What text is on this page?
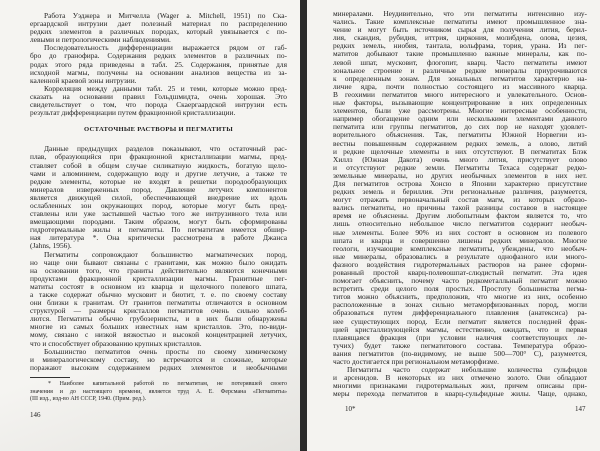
Работа Уэджера и Митчелла (Wager a. Mitchell, 1951) по Ска-
ергаардской интрузии дает полезный материал по распределению
редких элементов в различных породах, который увязывается с по-
левыми и петрологическими наблюдениями.
Последовательность дифференциации выражается рядом от габ-
бро до гранофира. Содержания редких элементов в различных по-
родах этого ряда приведены в табл. 25. Содержания, принятые для
исходной магмы, получены на основании анализов вещества из за-
каленной краевой зоны интрузии.
Корреляция между данными табл. 25 и теми, которые можно пред-
сказать на основании правил Гольдшмидта, очень хорошая. Это
свидетельствует о том, что порода Скаергаардской интрузии есть
результат дифференциации путем фракционной кристаллизации.
ОСТАТОЧНЫЕ РАСТВОРЫ И ПЕГМАТИТЫ
Данные предыдущих разделов показывают, что остаточный рас-
плав, образующийся при фракционной кристаллизации магмы, пред-
ставляет собой в общем случае силикатную жидкость, богатую щело-
чами и алюминием, содержащую воду и другие летучие, а также те
редкие элементы, которые не входят в решетки породообразующих
минералов изверженных пород. Давление летучих компонентов
является движущей силой, обеспечивающей внедрение их вдоль
ослабленных зон окружающих пород, которые могут быть пред-
ставлены или уже застывшей частью того же интрузивного тела или
вмещающими породами. Таким образом, могут быть сформированы
гидротермальные жилы и пегматиты. По пегматитам имеется обшир-
ная литература *. Она критически рассмотрена в работе Джанса
(Jahns, 1956).
Пегматиты сопровождают большинство магматических пород,
но чаще они бывают связаны с гранитами, как можно было ожидать
на основании того, что граниты действительно являются конечными
продуктами фракционной кристаллизации магмы. Гранитные пег-
матиты состоят в основном из кварца и щелочного полевого шпата,
а также содержат обычно мусковит и биотит, т. е. по своему составу
они близки к гранитам. От гранитов пегматиты отличаются в основном
структурой — размеры кристаллов пегматитов очень сильно колеб-
лются. Пегматиты обычно грубозернисты, и в них были обнаружены
многие из самых больших известных нам кристаллов. Это, по-види-
мому, связано с низкой вязкостью и высокой концентрацией летучих,
что и способствует образованию крупных кристаллов.
Большинство пегматитов очень просты по своему химическому
и минералогическому составу, но встречаются и сложные, которые
поражают высоким содержанием редких элементов и необычными
* Наиболее капитальной работой по пегматитам, не потерявшей своего
значения и до настоящего времени, является труд А. Е. Ферсмана «Пегматиты»
(III изд., изд-во АН СССР, 1940. (Прим. ред.).
146
минералами. Неудивительно, что эти пегматиты интенсивно изу-
чались. Такие комплексные пегматиты имеют промышленное зна-
чение и могут быть источником сырья для получения лития, берил-
лия, скандия, рубидия, иттрия, циркония, молибдена, олова, цезия,
редких земель, ниобия, тантала, вольфрама, тория, урана. Из пег-
матитов добывают такие промышленно важные минералы, как по-
левой шпат, мусковит, флогопит, кварц. Часто пегматиты имеют
зональное строение и различные редкие минералы приурочиваются
к определенным зонам. Для зональных пегматитов характерно на-
личие ядра, почти полностью состоящего из массивного кварца.
В геохимии пегматитов много интересного и увлекательного. Основ-
ные факторы, вызывающие концентрирование в них определенных
элементов, были уже рассмотрены. Многие интересные особенности,
например обогащение одним или несколькими элементами данного
пегматита или группы пегматитов, до сих пор не находят удовлет-
ворительного объяснения. Так, пегматиты Южной Норвегии из-
вестны повышенным содержанием редких земель, а олово, литий
и редкие щелочные элементы в них отсутствуют. В пегматитах Блэк
Хиллз (Южная Дакота) очень много лития, присутствует олово
и отсутствуют редкие земли. Пегматиты Техаса содержат редко-
земельные минералы, но других необычных элементов в них нет.
Для пегматитов острова Хонсю в Японии характерно присутствие
редких земель и бериллия. Эти региональные различия, разумеется,
могут отражать первоначальный состав магм, из которых образо-
вались пегматиты, но причины такой разницы составов в настоящее
время не объяснены. Другим любопытным фактом является то, что
лишь относительно небольшое число пегматитов содержит необыч-
ные элементы. Более 90% из них состоят в основном из полевого
шпата и кварца и совершенно лишены редких минералов. Многие
геологи, изучающие комплексные пегматиты, убеждены, что необыч-
ные минералы, образовались в результате однофазного или много-
фазного воздействия гидротермальных растворов на ранее сформи-
рованный простой кварц-полевошпат-слюдистый пегматит. Эта идея
помогает объяснить, почему часто редкометалльный пегматит можно
встретить среди целого поля простых. Простоту большинства пегма-
титов можно объяснить, предположив, что многие из них, особенно
расположенные в зонах сильно метаморфизованных пород, могли
образоваться путем дифференциального плавления (анатексиса) ра-
нее существующих пород. Если пегматит является последней фрак-
цией кристаллизующейся магмы, естественно, ожидать, что и первая
плавящаяся фракция (при условии наличия соответствующих ле-
тучих) будет также пегматитового состава. Температура образо-
вания пегматитов (по-видимому, не выше 500—700° С), разумеется,
часто достигается при региональном метаморфизме.
Пегматиты часто содержат небольшие количества сульфидов
и арсенидов. В некоторых из них отмечено золото. Они обладают
многими признаками гидротермальных жил, причем описаны при-
меры перехода пегматитов в кварц-сульфидные жилы. Чаще, однако,
10*	147
